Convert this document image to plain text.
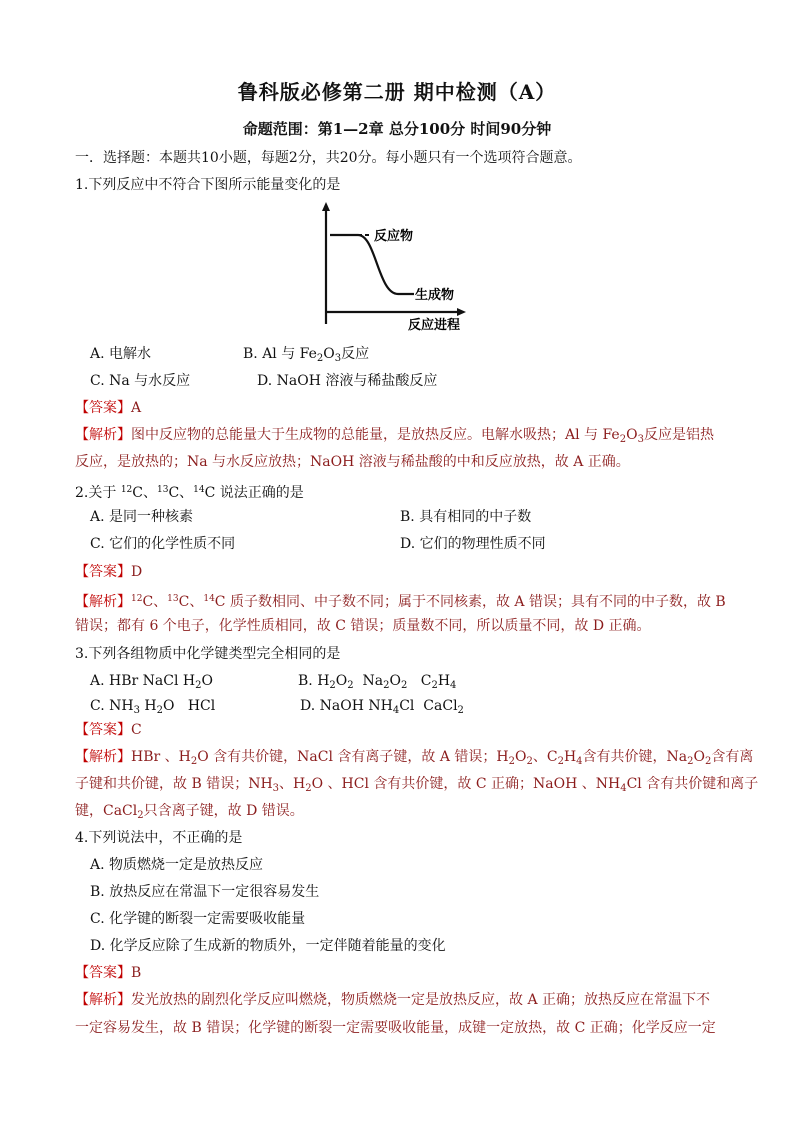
鲁科版必修第二册 期中检测（A）
命题范围：第1—2章 总分100分 时间90分钟
一．选择题：本题共10小题，每题2分，共20分。每小题只有一个选项符合题意。
1.下列反应中不符合下图所示能量变化的是
反应物
生成物
反应进程
A. 电解水	B. Al 与 $Fe_2O_3$反应
C. Na 与水反应	D. NaOH 溶液与稀盐酸反应
【答案】A
【解析】图中反应物的总能量大于生成物的总能量，是放热反应。电解水吸热；Al 与 $Fe_2O_3$反应是铝热
反应，是放热的；Na 与水反应放热；NaOH 溶液与稀盐酸的中和反应放热，故 A 正确。
2.关于 $^{12}$C、$^{13}$C、$^{14}$C 说法正确的是
A. 是同一种核素	B. 具有相同的中子数
C. 它们的化学性质不同	D. 它们的物理性质不同
【答案】D
【解析】$^{12}$C、$^{13}$C、$^{14}$C 质子数相同、中子数不同；属于不同核素，故 A 错误；具有不同的中子数，故 B
错误；都有 6 个电子，化学性质相同，故 C 错误；质量数不同，所以质量不同，故 D 正确。
3.下列各组物质中化学键类型完全相同的是
A. HBr NaCl $H_2O$	B. $H_2O_2$  $Na_2O_2$   $C_2H_4$
C. $NH_3$ $H_2O$   HCl	D. NaOH $NH_4Cl$  CaCl$_2$
【答案】C
【解析】HBr 、$H_2O$ 含有共价键，NaCl 含有离子键，故 A 错误；$H_2O_2$、$C_2H_4$含有共价键，$Na_2O_2$含有离
子键和共价键，故 B 错误；$NH_3$、$H_2O$ 、HCl 含有共价键，故 C 正确；NaOH 、$NH_4Cl$ 含有共价键和离子
键，CaCl$_2$只含离子键，故 D 错误。
4.下列说法中，不正确的是
A. 物质燃烧一定是放热反应
B. 放热反应在常温下一定很容易发生
C. 化学键的断裂一定需要吸收能量
D. 化学反应除了生成新的物质外，一定伴随着能量的变化
【答案】B
【解析】发光放热的剧烈化学反应叫燃烧，物质燃烧一定是放热反应，故 A 正确；放热反应在常温下不
一定容易发生，故 B 错误；化学键的断裂一定需要吸收能量，成键一定放热，故 C 正确；化学反应一定
